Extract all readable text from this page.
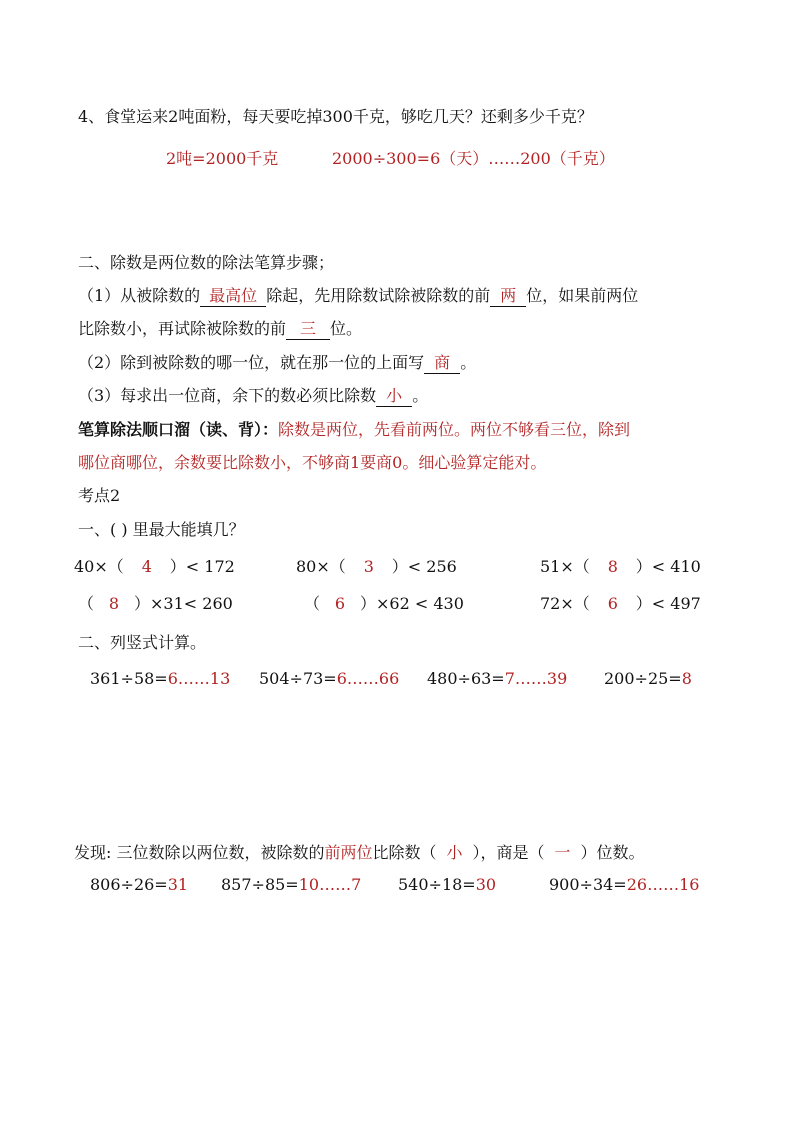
4、食堂运来2吨面粉，每天要吃掉300千克，够吃几天？还剩多少千克？
2吨=2000千克	2000÷300=6（天）……200（千克）
二、除数是两位数的除法笔算步骤；
（1）从被除数的 最高位 除起，先用除数试除被除数的前 两 位，如果前两位
比除数小，再试除被除数的前 三 位。
（2）除到被除数的哪一位，就在那一位的上面写 商 。
（3）每求出一位商，余下的数必须比除数 小 。
笔算除法顺口溜（读、背）：除数是两位，先看前两位。两位不够看三位，除到
哪位商哪位，余数要比除数小，不够商1要商0。细心验算定能对。
考点2
一、( ) 里最大能填几？
40×（ 4 ）< 172	80×（ 3 ）< 256	51×（ 8 ）< 410
（ 8 ）×31< 260	（ 6 ）×62 < 430	72×（ 6 ）< 497
二、列竖式计算。
361÷58=6……13 504÷73=6……66 480÷63=7……39 200÷25=8
发现: 三位数除以两位数，被除数的前两位比除数（ 小 ），商是（ 一 ）位数。
806÷26=31 857÷85=10……7 540÷18=30	900÷34=26……16
